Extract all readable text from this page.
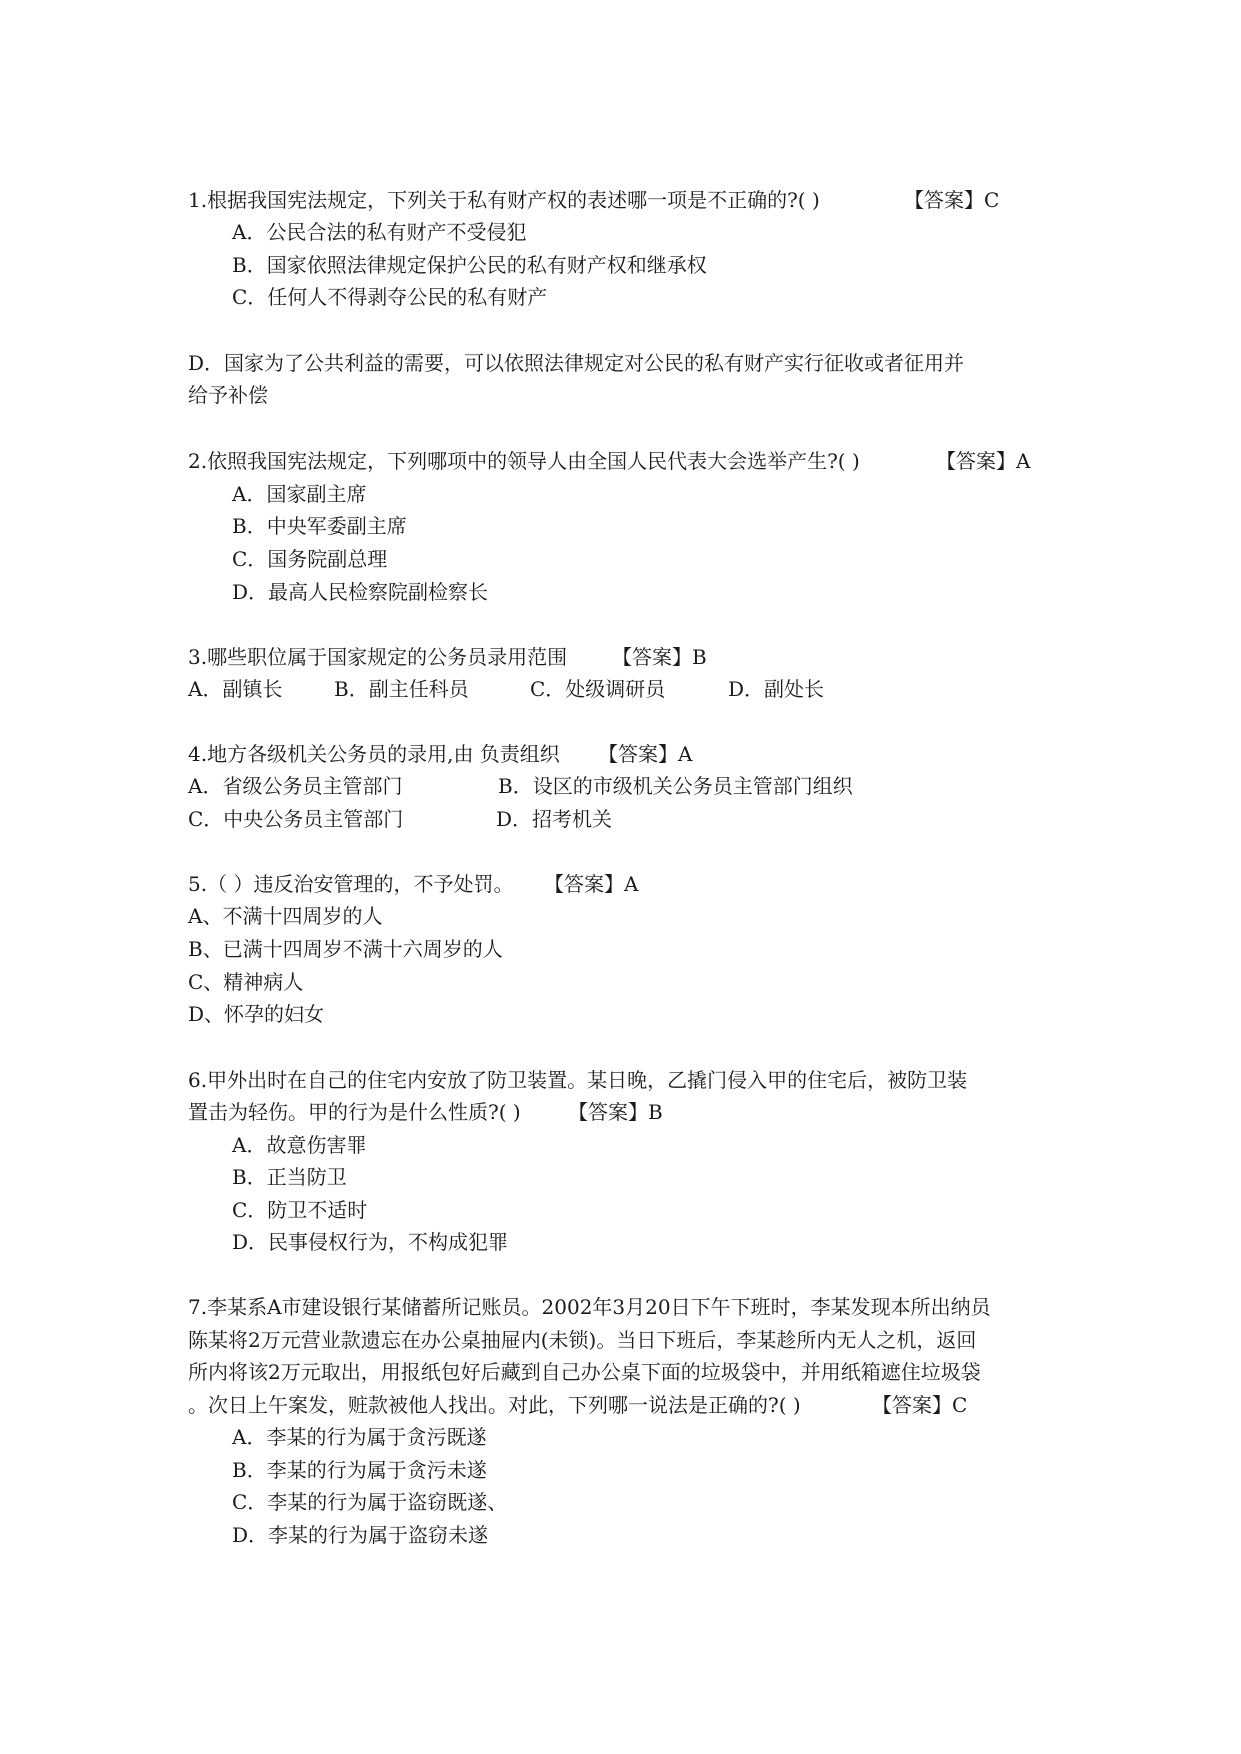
1.根据我国宪法规定，下列关于私有财产权的表述哪一项是不正确的?( )	【答案】C
A．公民合法的私有财产不受侵犯
B．国家依照法律规定保护公民的私有财产权和继承权
C．任何人不得剥夺公民的私有财产
D．国家为了公共利益的需要，可以依照法律规定对公民的私有财产实行征收或者征用并
给予补偿
2.依照我国宪法规定，下列哪项中的领导人由全国人民代表大会选举产生?( )	【答案】A
A．国家副主席
B．中央军委副主席
C．国务院副总理
D．最高人民检察院副检察长
3.哪些职位属于国家规定的公务员录用范围 【答案】B
A．副镇长	B．副主任科员	C．处级调研员	D．副处长
4.地方各级机关公务员的录用,由 负责组织 【答案】A
A．省级公务员主管部门	B．设区的市级机关公务员主管部门组织
C．中央公务员主管部门	D．招考机关
5.（ ）违反治安管理的，不予处罚。 【答案】A
A、不满十四周岁的人
B、已满十四周岁不满十六周岁的人
C、精神病人
D、怀孕的妇女
6.甲外出时在自己的住宅内安放了防卫装置。某日晚，乙撬门侵入甲的住宅后，被防卫装
置击为轻伤。甲的行为是什么性质?( ) 【答案】B
A．故意伤害罪
B．正当防卫
C．防卫不适时
D．民事侵权行为，不构成犯罪
7.李某系A市建设银行某储蓄所记账员。2002年3月20日下午下班时，李某发现本所出纳员
陈某将2万元营业款遗忘在办公桌抽屉内(未锁)。当日下班后，李某趁所内无人之机，返回
所内将该2万元取出，用报纸包好后藏到自己办公桌下面的垃圾袋中，并用纸箱遮住垃圾袋
。次日上午案发，赃款被他人找出。对此，下列哪一说法是正确的?( )	【答案】C
A．李某的行为属于贪污既遂
B．李某的行为属于贪污未遂
C．李某的行为属于盗窃既遂、
D．李某的行为属于盗窃未遂
